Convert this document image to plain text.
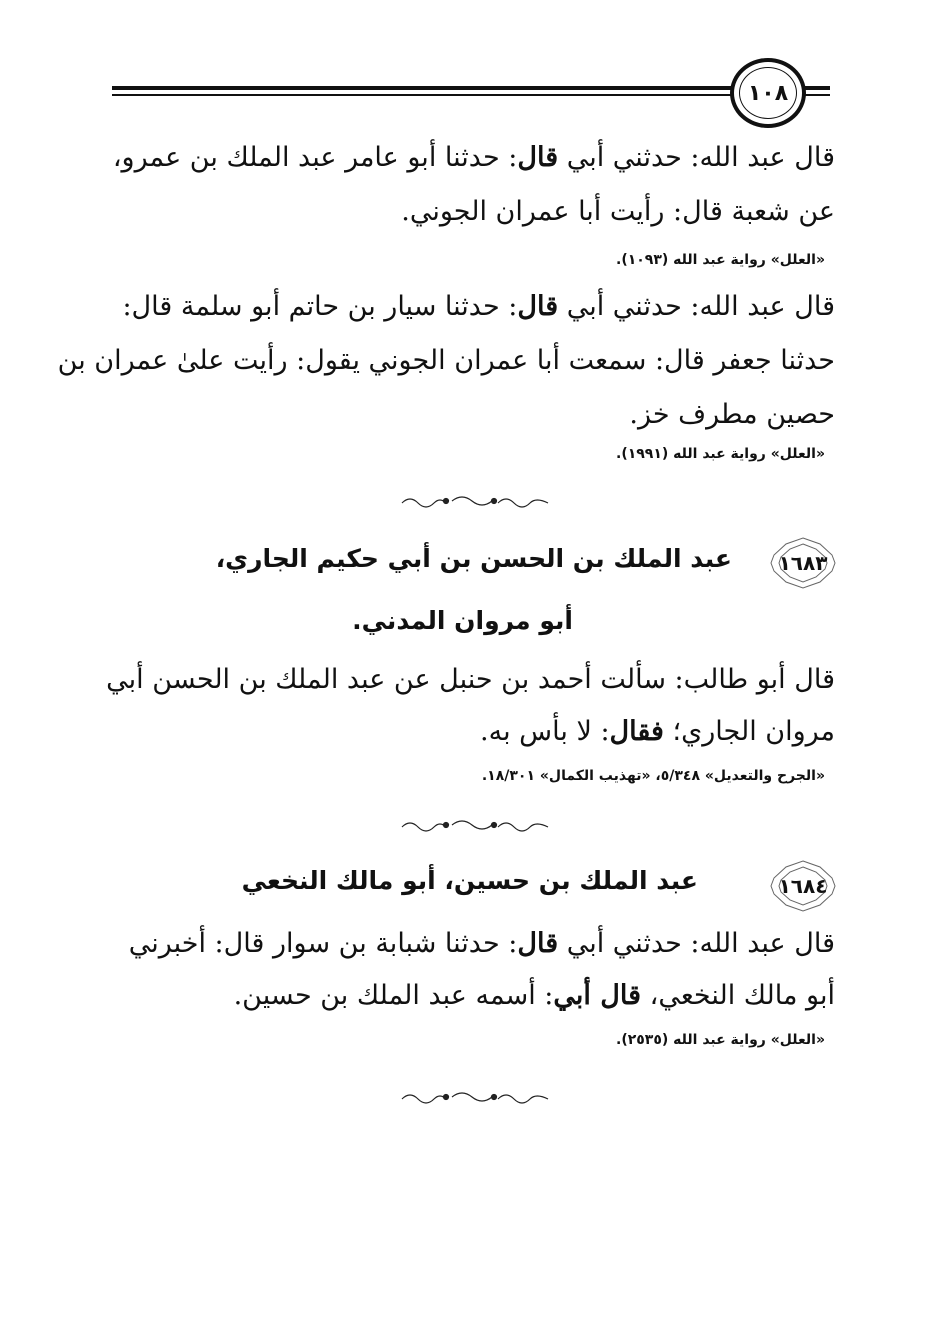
١٠٨
قال عبد الله: حدثني أبي قال: حدثنا أبو عامر عبد الملك بن عمرو،
عن شعبة قال: رأيت أبا عمران الجوني.
«العلل» رواية عبد الله (١٠٩٣).
قال عبد الله: حدثني أبي قال: حدثنا سيار بن حاتم أبو سلمة قال:
حدثنا جعفر قال: سمعت أبا عمران الجوني يقول: رأيت علىٰ عمران بن
حصين مطرف خز.
«العلل» رواية عبد الله (١٩٩١).
١٦٨٣
عبد الملك بن الحسن بن أبي حكيم الجاري،
أبو مروان المدني.
قال أبو طالب: سألت أحمد بن حنبل عن عبد الملك بن الحسن أبي
مروان الجاري؛ فقال: لا بأس به.
«الجرح والتعديل» ٥/٣٤٨، «تهذيب الكمال» ١٨/٣٠١.
١٦٨٤
عبد الملك بن حسين، أبو مالك النخعي
قال عبد الله: حدثني أبي قال: حدثنا شبابة بن سوار قال: أخبرني
أبو مالك النخعي، قال أبي: أسمه عبد الملك بن حسين.
«العلل» رواية عبد الله (٢٥٣٥).
